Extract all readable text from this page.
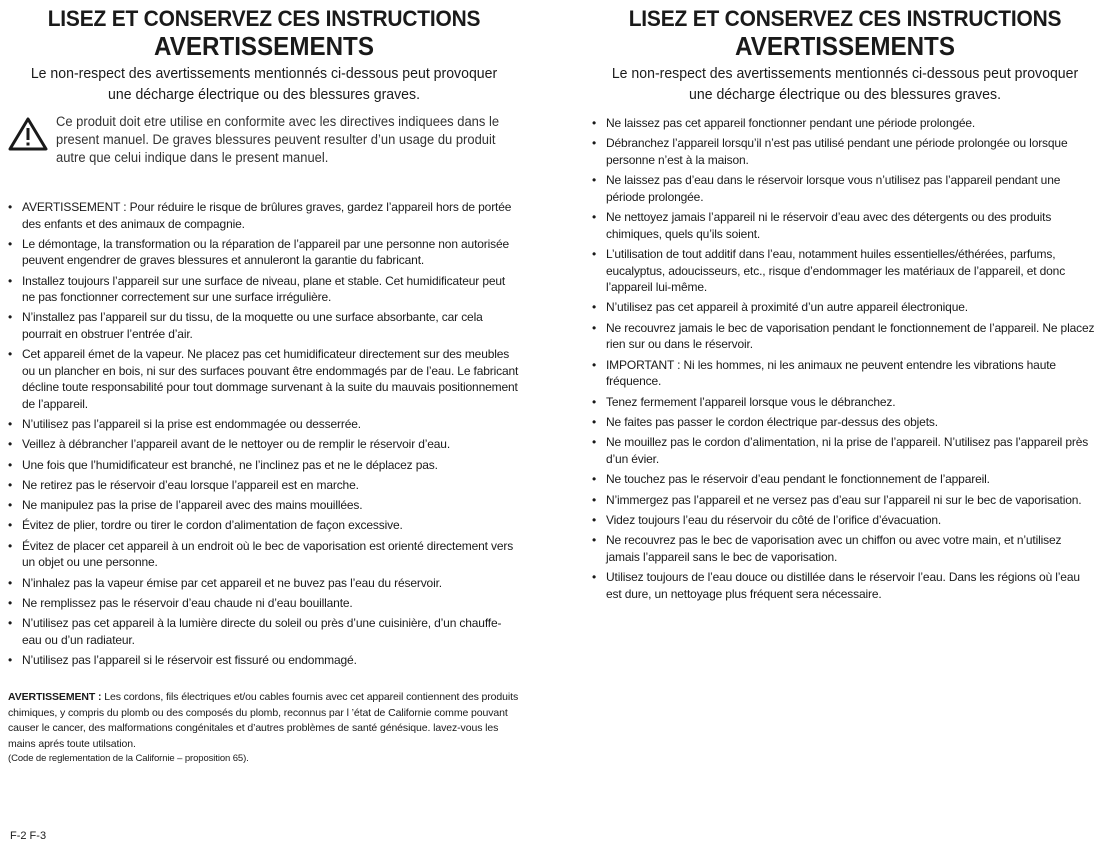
LISEZ ET CONSERVEZ CES INSTRUCTIONS
AVERTISSEMENTS

Le non-respect des avertissements mentionnés ci-dessous peut provoquer une décharge électrique ou des blessures graves.

Ce produit doit etre utilise en conformite avec les directives indiquees dans le present manuel. De graves blessures peuvent resulter d’un usage du produit autre que celui indique dans le present manuel.
• AVERTISSEMENT : Pour réduire le risque de brûlures graves, gardez l’appareil hors de portée des enfants et des animaux de compagnie.
• Le démontage, la transformation ou la réparation de l’appareil par une personne non autorisée peuvent engendrer de graves blessures et annuleront la garantie du fabricant.
• Installez toujours l’appareil sur une surface de niveau, plane et stable. Cet humidificateur peut ne pas fonctionner correctement sur une surface irrégulière.
• N’installez pas l’appareil sur du tissu, de la moquette ou une surface absorbante, car cela pourrait en obstruer l’entrée d’air.
• Cet appareil émet de la vapeur. Ne placez pas cet humidificateur directement sur des meubles ou un plancher en bois, ni sur des surfaces pouvant être endommagés par de l’eau. Le fabricant décline toute responsabilité pour tout dommage survenant à la suite du mauvais positionnement de l’appareil.
• N’utilisez pas l’appareil si la prise est endommagée ou desserrée.
• Veillez à débrancher l’appareil avant de le nettoyer ou de remplir le réservoir d’eau.
• Une fois que l’humidificateur est branché, ne l’inclinez pas et ne le déplacez pas.
• Ne retirez pas le réservoir d’eau lorsque l’appareil est en marche.
• Ne manipulez pas la prise de l’appareil avec des mains mouillées.
• Évitez de plier, tordre ou tirer le cordon d’alimentation de façon excessive.
• Évitez de placer cet appareil à un endroit où le bec de vaporisation est orienté directement vers un objet ou une personne.
• N’inhalez pas la vapeur émise par cet appareil et ne buvez pas l’eau du réservoir.
• Ne remplissez pas le réservoir d’eau chaude ni d’eau bouillante.
• N’utilisez pas cet appareil à la lumière directe du soleil ou près d’une cuisinière, d’un chauffe-eau ou d’un radiateur.
• N’utilisez pas l’appareil si le réservoir est fissuré ou endommagé.
AVERTISSEMENT : Les cordons, fils électriques et/ou cables fournis avec cet appareil contiennent des produits chimiques, y compris du plomb ou des composés du plomb, reconnus par l ’état de Californie comme pouvant causer le cancer, des malformations congénitales et d’autres problèmes de santé génésique. lavez-vous les mains aprés toute utilsation.
(Code de reglementation de la Californie – proposition 65).
LISEZ ET CONSERVEZ CES INSTRUCTIONS
AVERTISSEMENTS

Le non-respect des avertissements mentionnés ci-dessous peut provoquer une décharge électrique ou des blessures graves.

• Ne laissez pas cet appareil fonctionner pendant une période prolongée.
• Débranchez l’appareil lorsqu’il n’est pas utilisé pendant une période prolongée ou lorsque personne n’est à la maison.
• Ne laissez pas d’eau dans le réservoir lorsque vous n’utilisez pas l’appareil pendant une période prolongée.
• Ne nettoyez jamais l’appareil ni le réservoir d’eau avec des détergents ou des produits chimiques, quels qu’ils soient.
• L’utilisation de tout additif dans l’eau, notamment huiles essentielles/éthérées, parfums, eucalyptus, adoucisseurs, etc., risque d’endommager les matériaux de l’appareil, et donc l’appareil lui-même.
• N’utilisez pas cet appareil à proximité d’un autre appareil électronique.
• Ne recouvrez jamais le bec de vaporisation pendant le fonctionnement de l’appareil. Ne placez rien sur ou dans le réservoir.
• IMPORTANT : Ni les hommes, ni les animaux ne peuvent entendre les vibrations haute fréquence.
• Tenez fermement l’appareil lorsque vous le débranchez.
• Ne faites pas passer le cordon électrique par-dessus des objets.
• Ne mouillez pas le cordon d’alimentation, ni la prise de l’appareil. N’utilisez pas l’appareil près d’un évier.
• Ne touchez pas le réservoir d’eau pendant le fonctionnement de l’appareil.
• N’immergez pas l’appareil et ne versez pas d’eau sur l’appareil ni sur le bec de vaporisation.
• Videz toujours l’eau du réservoir du côté de l’orifice d’évacuation.
• Ne recouvrez pas le bec de vaporisation avec un chiffon ou avec votre main, et n’utilisez jamais l’appareil sans le bec de vaporisation.
• Utilisez toujours de l’eau douce ou distillée dans le réservoir l’eau. Dans les régions où l’eau est dure, un nettoyage plus fréquent sera nécessaire.
F-2 F-3
